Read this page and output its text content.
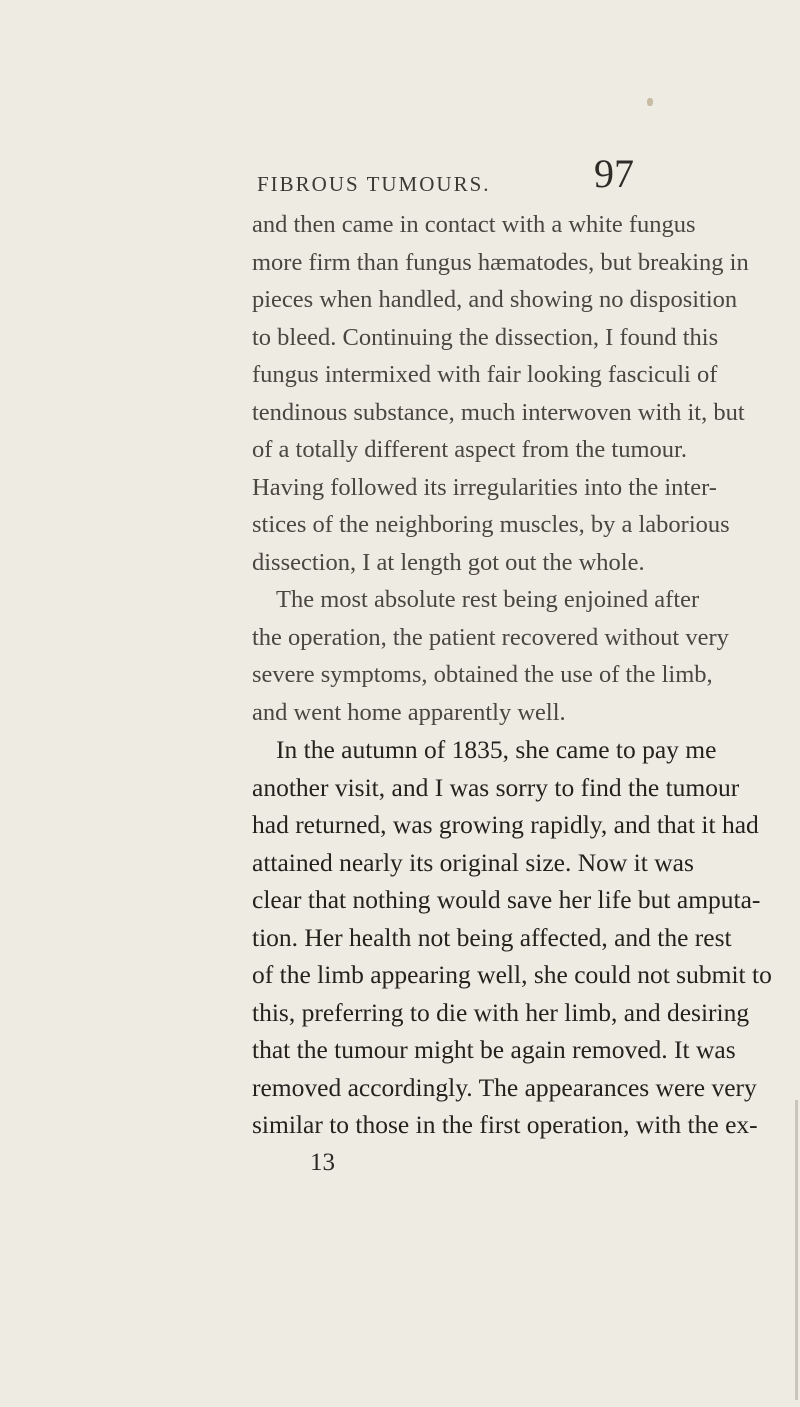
FIBROUS TUMOURS.	97
and then came in contact with a white fungus
more firm than fungus hæmatodes, but breaking in
pieces when handled, and showing no disposition
to bleed. Continuing the dissection, I found this
fungus intermixed with fair looking fasciculi of
tendinous substance, much interwoven with it, but
of a totally different aspect from the tumour.
Having followed its irregularities into the inter-
stices of the neighboring muscles, by a laborious
dissection, I at length got out the whole.
The most absolute rest being enjoined after
the operation, the patient recovered without very
severe symptoms, obtained the use of the limb,
and went home apparently well.
In the autumn of 1835, she came to pay me
another visit, and I was sorry to find the tumour
had returned, was growing rapidly, and that it had
attained nearly its original size. Now it was
clear that nothing would save her life but amputa-
tion. Her health not being affected, and the rest
of the limb appearing well, she could not submit to
this, preferring to die with her limb, and desiring
that the tumour might be again removed. It was
removed accordingly. The appearances were very
similar to those in the first operation, with the ex-
13
